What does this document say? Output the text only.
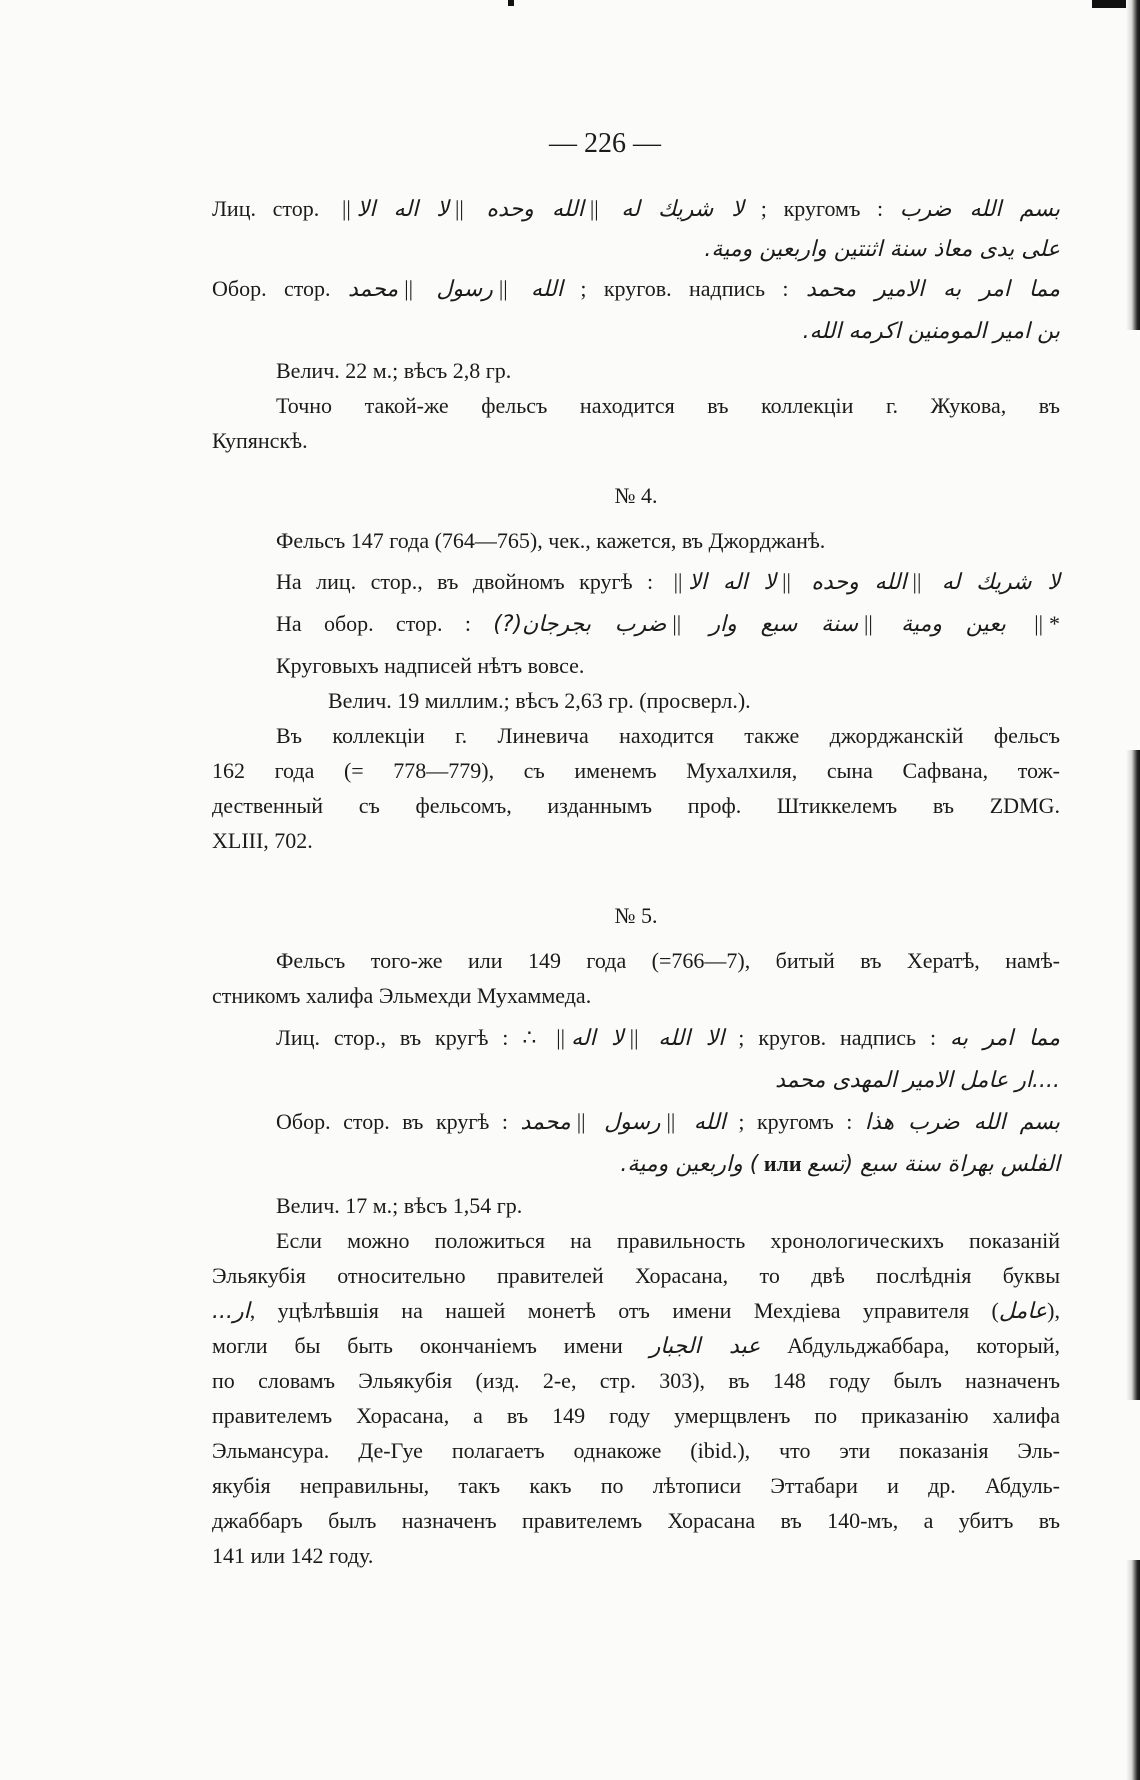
— 226 —
Лиц. стор. ||	لا شريك له ||الله وحده ||لا اله الا	; кругомъ : بسم الله ضرب
على يدى معاذ سنة اثنتين واربعين ومية.
Обор. стор.	الله ||رسول ||محمد	; кругов. надпись : مما امر به الامير محمد
بن امير المومنين اكرمه الله.
Велич. 22 м.; вѣсъ 2,8 гр.
Точно такой-же фельсъ находится въ коллекціи г. Жукова, въ
Купянскѣ.
№ 4.
Фельсъ 147 года (764—765), чек., кажется, въ Джорджанѣ.
На лиц. стор., въ двойномъ кругѣ : ||	لا شريك له ||الله وحده ||لا اله الا
На обор. стор. :	بعين ومية ||سنة سبع وار ||ضرب بجرجان(?)	|| *
Круговыхъ надписей нѣтъ вовсе.
Велич. 19 миллим.; вѣсъ 2,63 гр. (просверл.).
Въ коллекціи г. Линевича находится также джорджанскій фельсъ
162 года (= 778—779), съ именемъ Мухалхиля, сына Сафвана, тож-
дественный съ фельсомъ, изданнымъ проф. Штиккелемъ въ ZDMG.
XLIII, 702.
№ 5.
Фельсъ того-же или 149 года (=766—7), битый въ Хератѣ, намѣ-
стникомъ халифа Эльмехди Мухаммеда.
Лиц. стор., въ кругѣ : ∴ ||	الا الله ||لا اله	; кругов. надпись : مما امر به
....ار عامل الامير المهدى محمد
Обор. стор. въ кругѣ :	الله ||رسول ||محمد	; кругомъ : بسم الله ضرب هذا
) واربعين ومية. или الفلس بهراة سنة سبع (تسع
Велич. 17 м.; вѣсъ 1,54 гр.
Если можно положиться на правильность хронологическихъ показаній
Эльякубія относительно правителей Хорасана, то двѣ послѣднія буквы
ار..., уцѣлѣвшія на нашей монетѣ отъ имени Мехдіева управителя (عامل),
могли бы быть окончаніемъ имени عبد الجبار Абдульджаббара, который,
по словамъ Эльякубія (изд. 2-е, стр. 303), въ 148 году былъ назначенъ
правителемъ Хорасана, а въ 149 году умерщвленъ по приказанію халифа
Эльмансура. Де-Гуе полагаетъ однакоже (ibid.), что эти показанія Эль-
якубія неправильны, такъ какъ по лѣтописи Эттабари и др. Абдуль-
джаббаръ былъ назначенъ правителемъ Хорасана въ 140-мъ, а убитъ въ
141 или 142 году.
